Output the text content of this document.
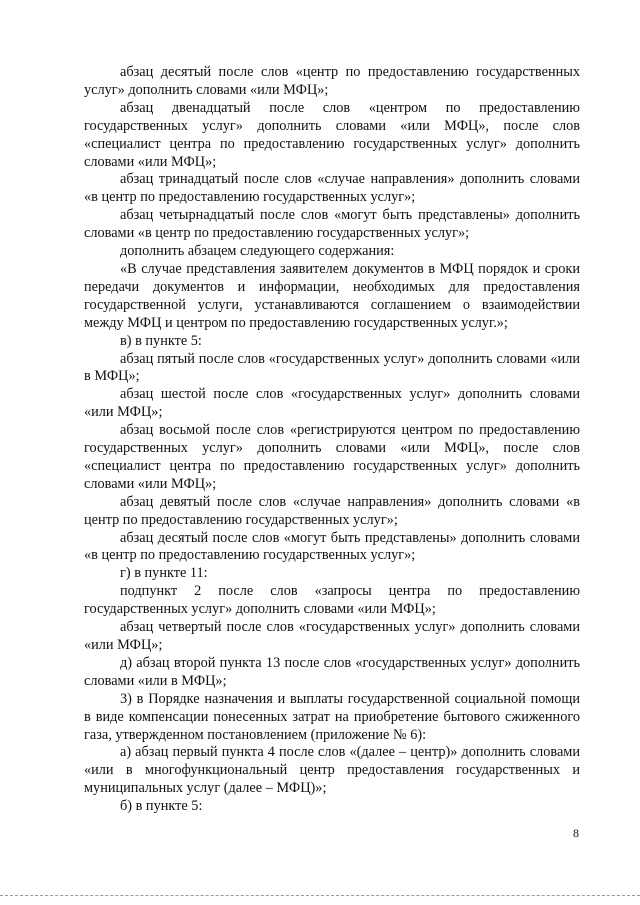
абзац десятый после слов «центр по предоставлению государственных услуг» дополнить словами «или МФЦ»;

абзац двенадцатый после слов «центром по предоставлению государственных услуг» дополнить словами «или МФЦ», после слов «специалист центра по предоставлению государственных услуг» дополнить словами «или МФЦ»;

абзац тринадцатый после слов «случае направления» дополнить словами «в центр по предоставлению государственных услуг»;

абзац четырнадцатый после слов «могут быть представлены» дополнить словами «в центр по предоставлению государственных услуг»;

дополнить абзацем следующего содержания:

«В случае представления заявителем документов в МФЦ порядок и сроки передачи документов и информации, необходимых для предоставления государственной услуги, устанавливаются соглашением о взаимодействии между МФЦ и центром по предоставлению государственных услуг.»;

в) в пункте 5:

абзац пятый после слов «государственных услуг» дополнить словами «или в МФЦ»;

абзац шестой после слов «государственных услуг» дополнить словами «или МФЦ»;

абзац восьмой после слов «регистрируются центром по предоставлению государственных услуг» дополнить словами «или МФЦ», после слов «специалист центра по предоставлению государственных услуг» дополнить словами «или МФЦ»;

абзац девятый после слов «случае направления» дополнить словами «в центр по предоставлению государственных услуг»;

абзац десятый после слов «могут быть представлены» дополнить словами «в центр по предоставлению государственных услуг»;

г) в пункте 11:

подпункт 2 после слов «запросы центра по предоставлению государственных услуг» дополнить словами «или МФЦ»;

абзац четвертый после слов «государственных услуг» дополнить словами «или МФЦ»;

д) абзац второй пункта 13 после слов «государственных услуг» дополнить словами «или в МФЦ»;

3) в Порядке назначения и выплаты государственной социальной помощи в виде компенсации понесенных затрат на приобретение бытового сжиженного газа, утвержденном постановлением (приложение № 6):

а) абзац первый пункта 4 после слов «(далее – центр)» дополнить словами «или в многофункциональный центр предоставления государственных и муниципальных услуг (далее – МФЦ)»;

б) в пункте 5:

8
